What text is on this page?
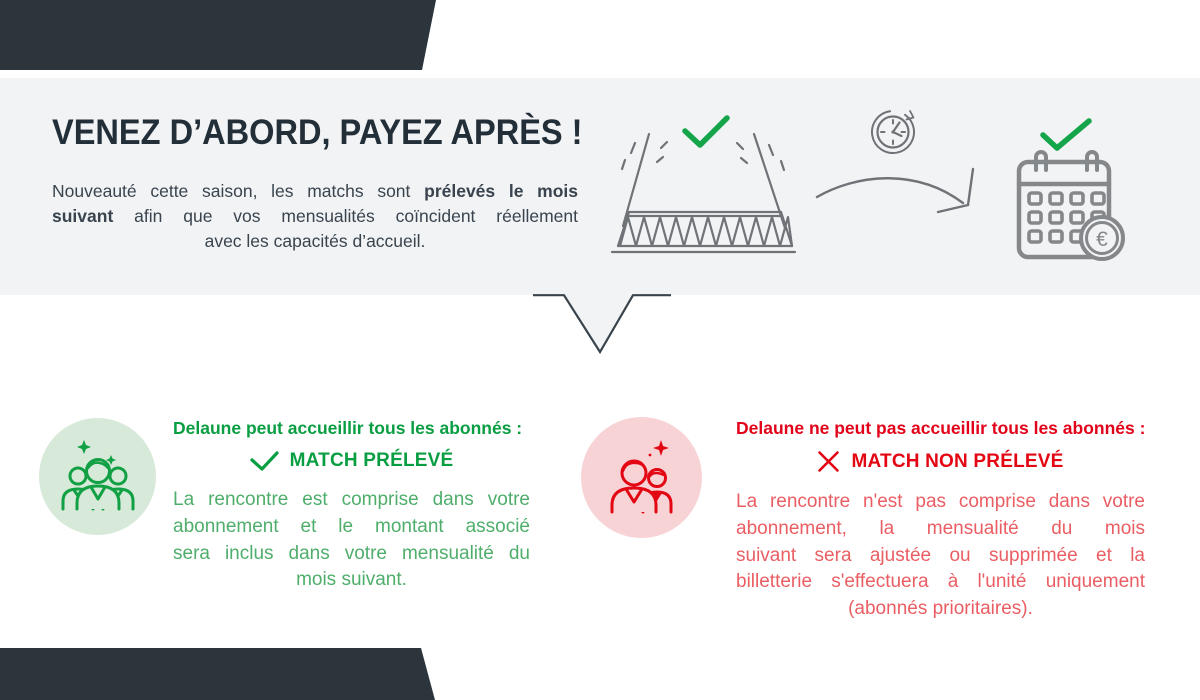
VENEZ D’ABORD, PAYEZ APRÈS !
Nouveauté cette saison, les matchs sont prélevés le mois
suivant afin que vos mensualités coïncident réellement
avec les capacités d’accueil.	€
Delaune peut accueillir tous les abonnés :
MATCH PRÉLEVÉ
La rencontre est comprise dans votre
abonnement et le montant associé
sera inclus dans votre mensualité du
mois suivant.
Delaune ne peut pas accueillir tous les abonnés :
MATCH NON PRÉLEVÉ
La rencontre n'est pas comprise dans votre
abonnement, la mensualité du mois
suivant sera ajustée ou supprimée et la
billetterie s'effectuera à l'unité uniquement
(abonnés prioritaires).
